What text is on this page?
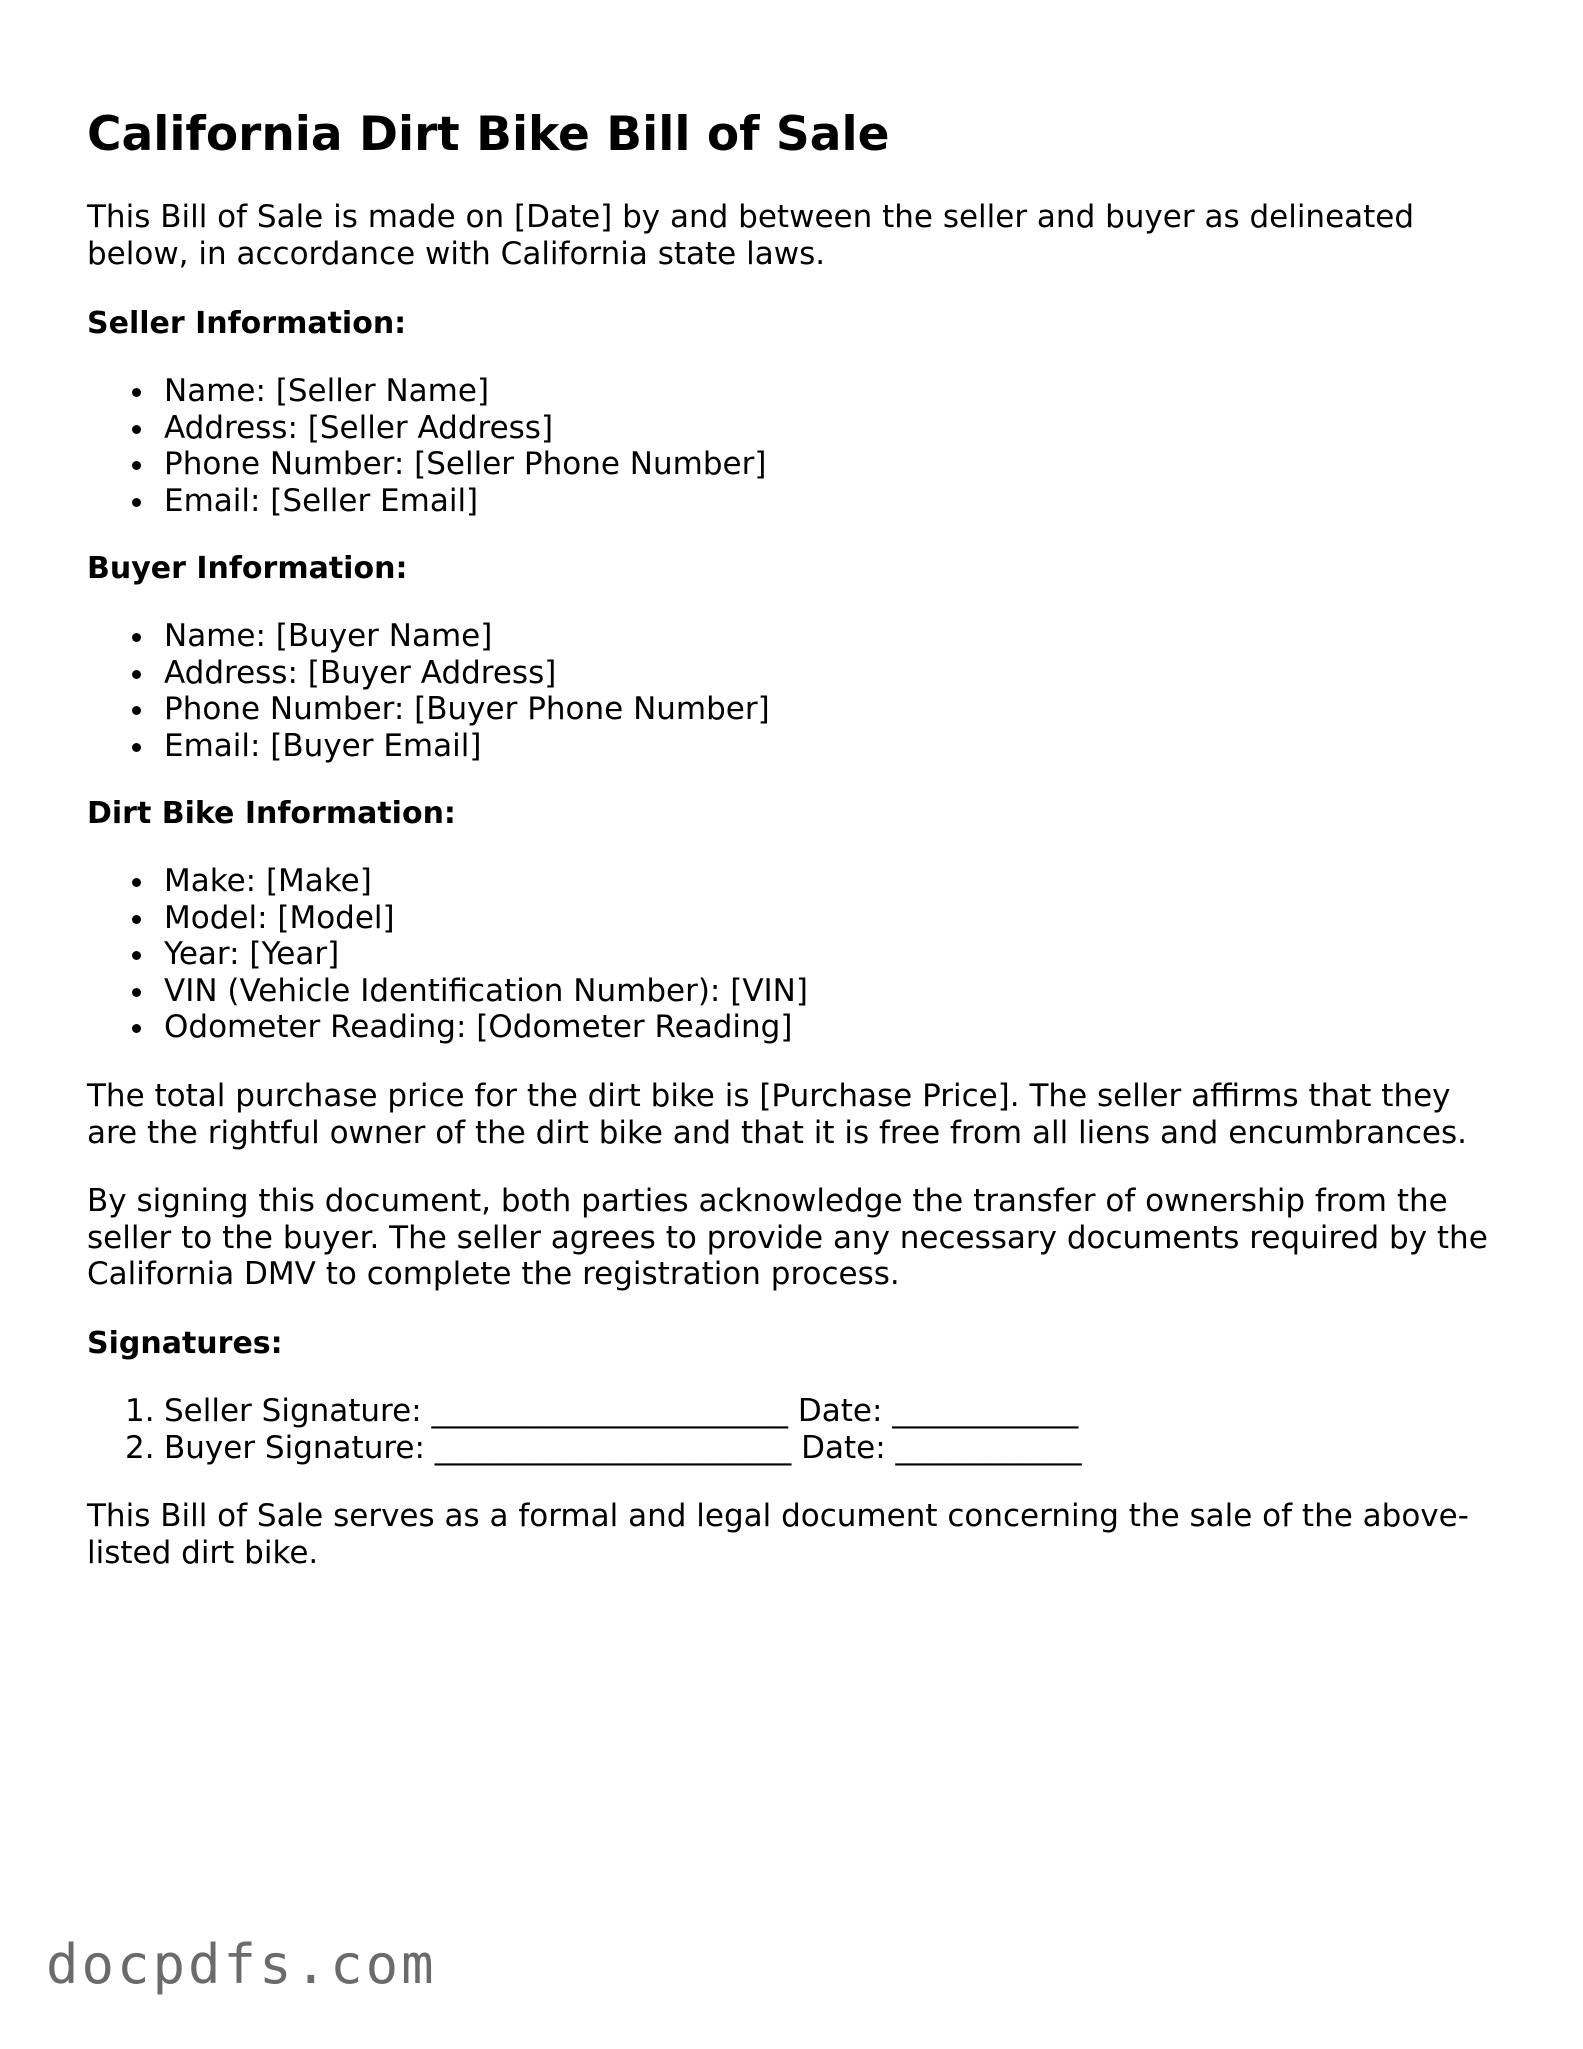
California Dirt Bike Bill of Sale

This Bill of Sale is made on [Date] by and between the seller and buyer as delineated below, in accordance with California state laws.

Seller Information:
Name: [Seller Name]
Address: [Seller Address]
Phone Number: [Seller Phone Number]
Email: [Seller Email]
Buyer Information:
Name: [Buyer Name]
Address: [Buyer Address]
Phone Number: [Buyer Phone Number]
Email: [Buyer Email]
Dirt Bike Information:
Make: [Make]
Model: [Model]
Year: [Year]
VIN (Vehicle Identification Number): [VIN]
Odometer Reading: [Odometer Reading]

The total purchase price for the dirt bike is [Purchase Price]. The seller affirms that they are the rightful owner of the dirt bike and that it is free from all liens and encumbrances.

By signing this document, both parties acknowledge the transfer of ownership from the seller to the buyer. The seller agrees to provide any necessary documents required by the California DMV to complete the registration process.

Signatures:
1. Seller Signature: _______________________ Date: ____________
2. Buyer Signature: _______________________ Date: ____________

This Bill of Sale serves as a formal and legal document concerning the sale of the above-listed dirt bike.

docpdfs.com
